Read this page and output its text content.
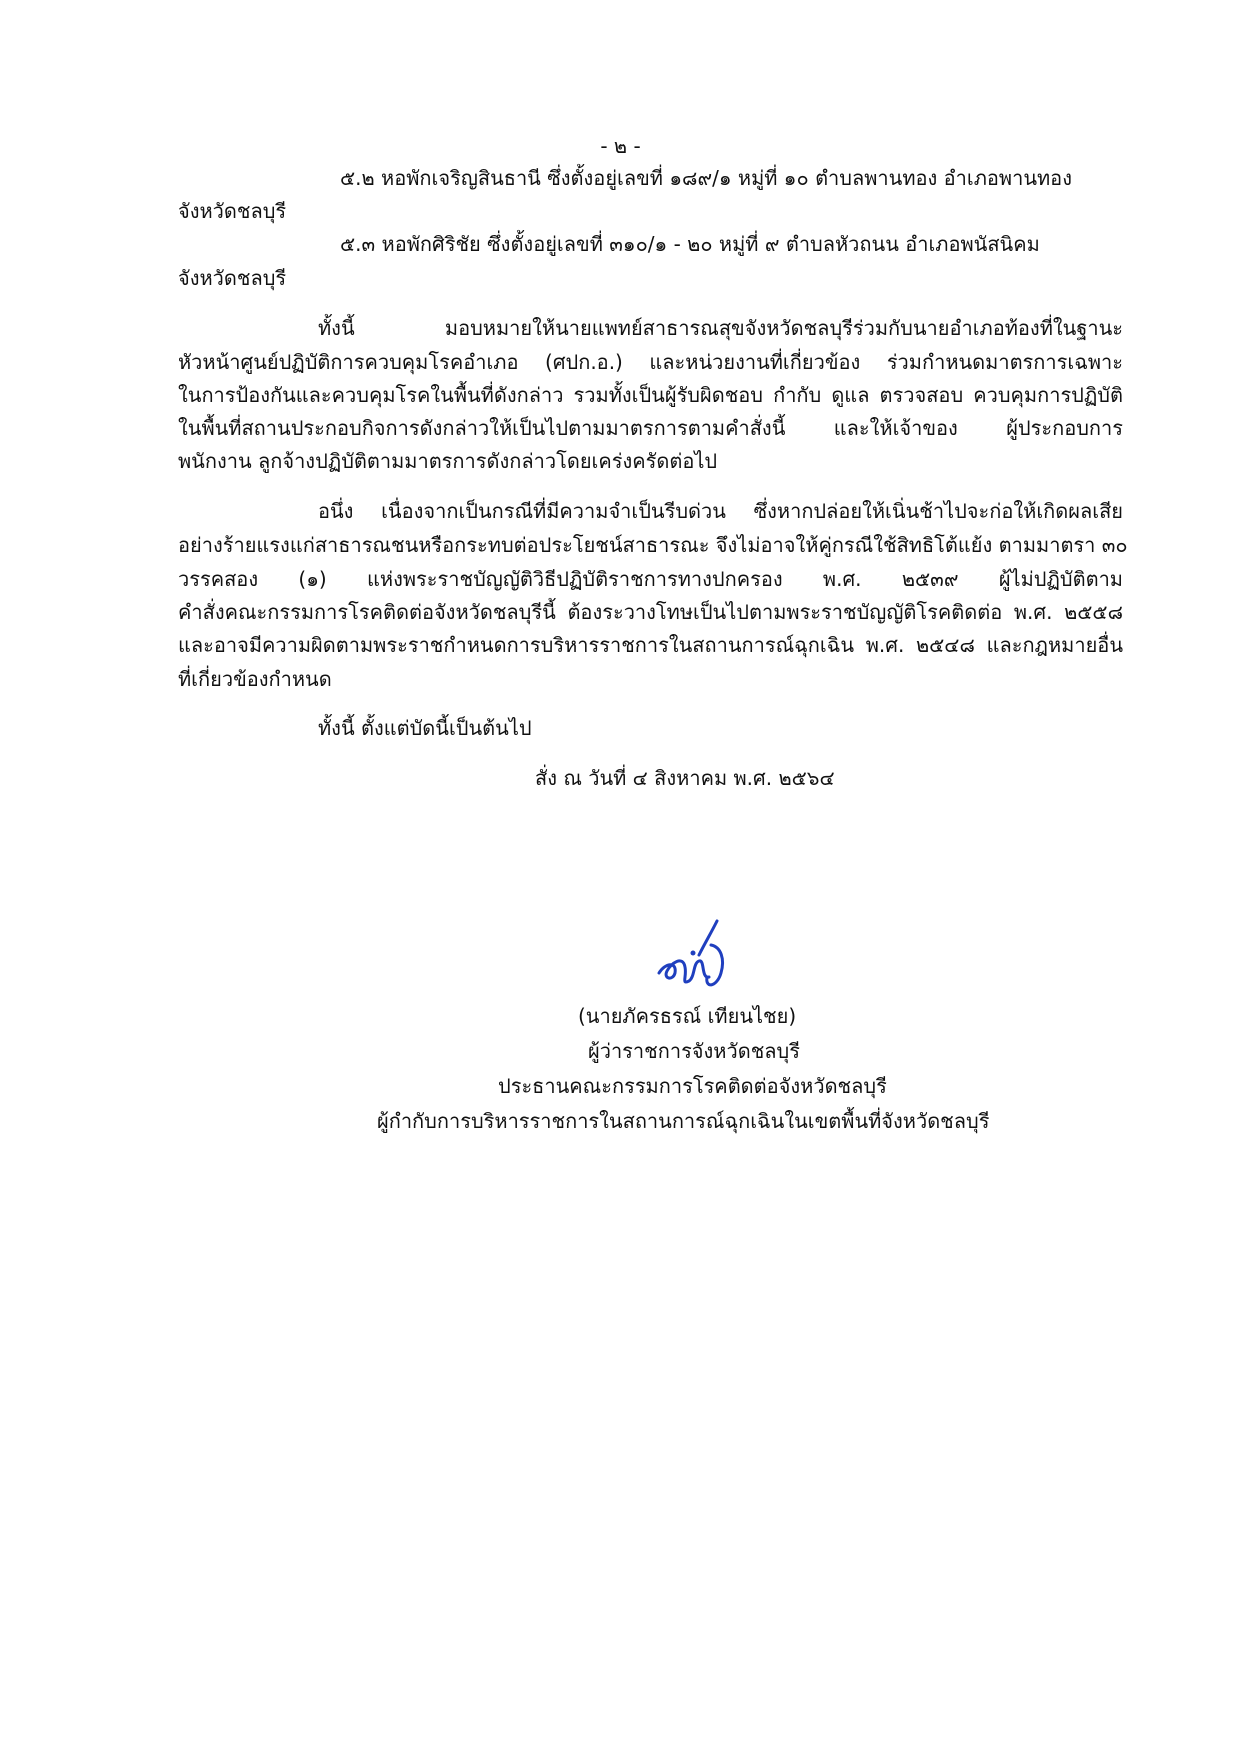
- ๒ -
๕.๒ หอพักเจริญสินธานี ซึ่งตั้งอยู่เลขที่ ๑๘๙/๑ หมู่ที่ ๑๐ ตำบลพานทอง อำเภอพานทอง
จังหวัดชลบุรี
๕.๓ หอพักศิริชัย ซึ่งตั้งอยู่เลขที่ ๓๑๐/๑ - ๒๐ หมู่ที่ ๙ ตำบลหัวถนน อำเภอพนัสนิคม
จังหวัดชลบุรี
ทั้งนี้ มอบหมายให้นายแพทย์สาธารณสุขจังหวัดชลบุรีร่วมกับนายอำเภอท้องที่ในฐานะ
หัวหน้าศูนย์ปฏิบัติการควบคุมโรคอำเภอ (ศปก.อ.) และหน่วยงานที่เกี่ยวข้อง ร่วมกำหนดมาตรการเฉพาะ
ในการป้องกันและควบคุมโรคในพื้นที่ดังกล่าว รวมทั้งเป็นผู้รับผิดชอบ กำกับ ดูแล ตรวจสอบ ควบคุมการปฏิบัติ
ในพื้นที่สถานประกอบกิจการดังกล่าวให้เป็นไปตามมาตรการตามคำสั่งนี้ และให้เจ้าของ ผู้ประกอบการ
พนักงาน ลูกจ้างปฏิบัติตามมาตรการดังกล่าวโดยเคร่งครัดต่อไป
อนึ่ง เนื่องจากเป็นกรณีที่มีความจำเป็นรีบด่วน ซึ่งหากปล่อยให้เนิ่นช้าไปจะก่อให้เกิดผลเสีย
อย่างร้ายแรงแก่สาธารณชนหรือกระทบต่อประโยชน์สาธารณะ จึงไม่อาจให้คู่กรณีใช้สิทธิโต้แย้ง ตามมาตรา ๓๐
วรรคสอง (๑) แห่งพระราชบัญญัติวิธีปฏิบัติราชการทางปกครอง พ.ศ. ๒๕๓๙ ผู้ไม่ปฏิบัติตาม
คำสั่งคณะกรรมการโรคติดต่อจังหวัดชลบุรีนี้ ต้องระวางโทษเป็นไปตามพระราชบัญญัติโรคติดต่อ พ.ศ. ๒๕๕๘
และอาจมีความผิดตามพระราชกำหนดการบริหารราชการในสถานการณ์ฉุกเฉิน พ.ศ. ๒๕๔๘ และกฎหมายอื่น
ที่เกี่ยวข้องกำหนด
ทั้งนี้ ตั้งแต่บัดนี้เป็นต้นไป
สั่ง ณ วันที่ ๔ สิงหาคม พ.ศ. ๒๕๖๔
(นายภัครธรณ์ เทียนไชย)
ผู้ว่าราชการจังหวัดชลบุรี
ประธานคณะกรรมการโรคติดต่อจังหวัดชลบุรี
ผู้กำกับการบริหารราชการในสถานการณ์ฉุกเฉินในเขตพื้นที่จังหวัดชลบุรี
